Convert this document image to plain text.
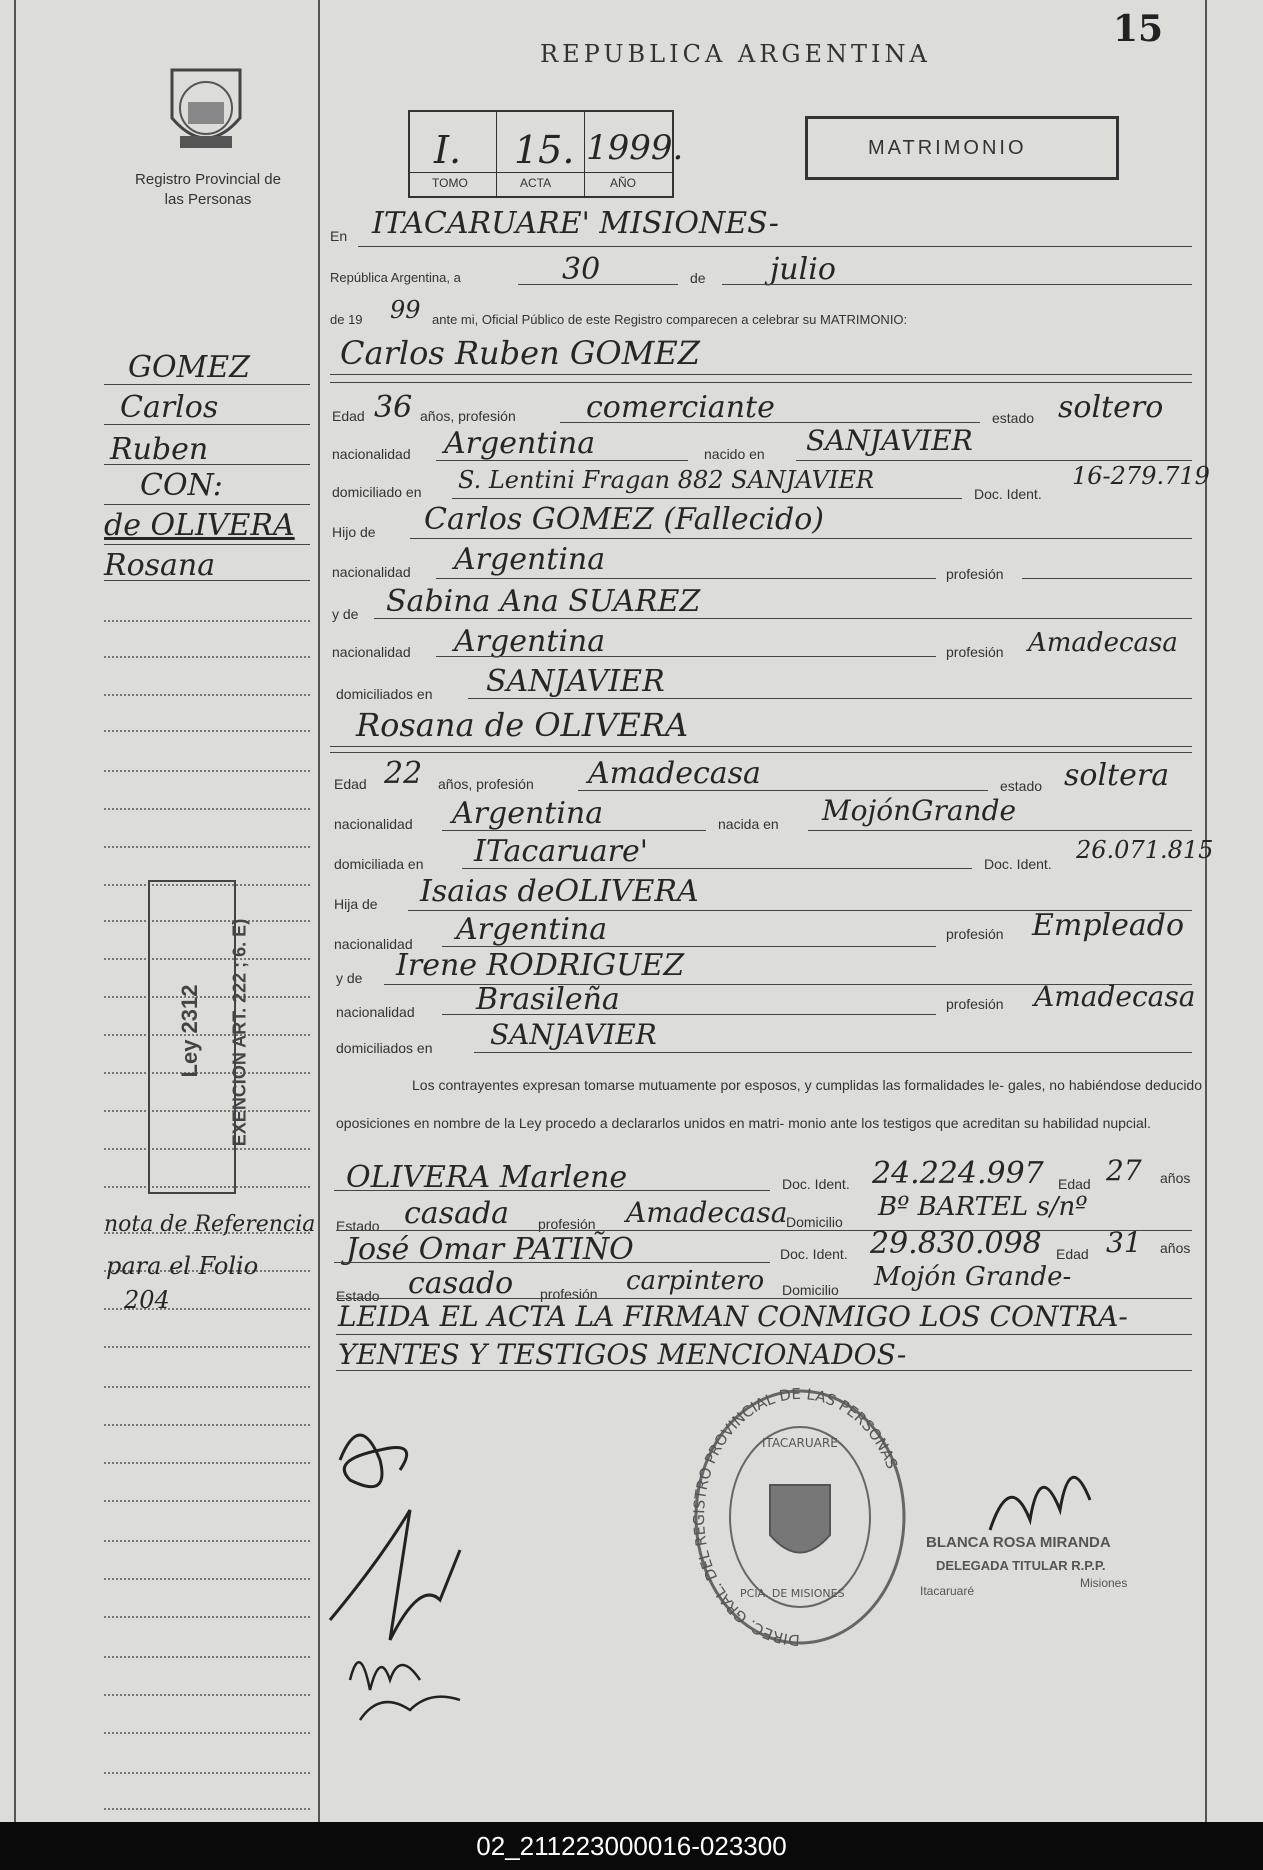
15
REPUBLICA ARGENTINA
Registro Provincial de las Personas
I. 15. 1999.
TOMO	ACTA	AÑO
MATRIMONIO
GOMEZ
Carlos
Ruben
CON:
de OLIVERA
Rosana
Ley 2312 EXENCION ART. 222 ; 6. E)
nota de Referencia
para el Folio
204
En ITACARUARE' MISIONES-
República Argentina, a	30	de julio
de 19 99 ante mi, Oficial Público de este Registro comparecen a celebrar su MATRIMONIO:
Carlos Ruben GOMEZ
Edad 36 años, profesión comerciante	estado soltero
nacionalidad Argentina	nacido en SANJAVIER
domiciliado en S. Lentini Fragan 882 SANJAVIER	Doc. Ident.
16-279.719
Hijo de Carlos GOMEZ (Fallecido)
nacionalidad Argentina	profesión
y de Sabina Ana SUAREZ
nacionalidad Argentina	profesión Amadecasa
domiciliados en SANJAVIER
Rosana de OLIVERA
Edad 22 años, profesión Amadecasa	estado soltera
nacionalidad Argentina	nacida en MojónGrande
domiciliada en ITacaruare'	Doc. Ident. 26.071.815
Hija de Isaias deOLIVERA
nacionalidad Argentina	profesión Empleado
y de Irene RODRIGUEZ
nacionalidad Brasileña	profesión Amadecasa
domiciliados en SANJAVIER
Los contrayentes expresan tomarse mutuamente por esposos, y cumplidas las formalidades le- gales, no habiéndose deducido oposiciones en nombre de la Ley procedo a declararlos unidos en matri- monio ante los testigos que acreditan su habilidad nupcial.
OLIVERA Marlene	Doc. Ident. 24.224.997 Edad 27 años
Estado casada profesión Amadecasa
Domicilio Bº BARTEL s/nº
José Omar PATIÑO	Doc. Ident. 29.830.098 Edad 31 años
Estado casado profesión carpintero Domicilio Mojón Grande-
LEIDA EL ACTA LA FIRMAN CONMIGO LOS CONTRA-
YENTES Y TESTIGOS MENCIONADOS-
DIREC. GRAL. DEL REGISTRO PROVINCIAL DE LAS PERSONAS
ITACARUARE
PCIA. DE MISIONES
BLANCA ROSA MIRANDA
DELEGADA TITULAR R.P.P.
Itacaruaré
Misiones
02_211223000016-023300
